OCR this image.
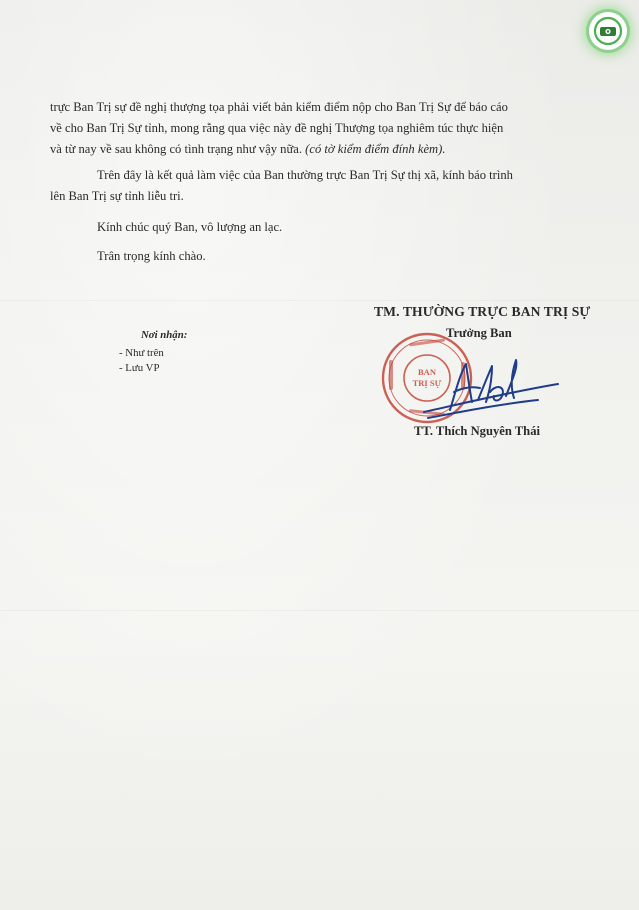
trực Ban Trị sự đề nghị thượng tọa phải viết bản kiểm điểm nộp cho Ban Trị Sự để báo cáo
về cho Ban Trị Sự tỉnh, mong rằng qua việc này đề nghị Thượng tọa nghiêm túc thực hiện
và từ nay về sau không có tình trạng như vậy nữa. (có tờ kiểm điểm đính kèm).
Trên đây là kết quả làm việc của Ban thường trực Ban Trị Sự thị xã, kính báo trình
lên Ban Trị sự tỉnh liễu tri.
Kính chúc quý Ban, vô lượng an lạc.
Trân trọng kính chào.
Nơi nhận:
- Như trên
- Lưu VP
TM. THƯỜNG TRỰC BAN TRỊ SỰ
BAN
TRỊ SỰ
Trưởng Ban
TT. Thích Nguyên Thái
